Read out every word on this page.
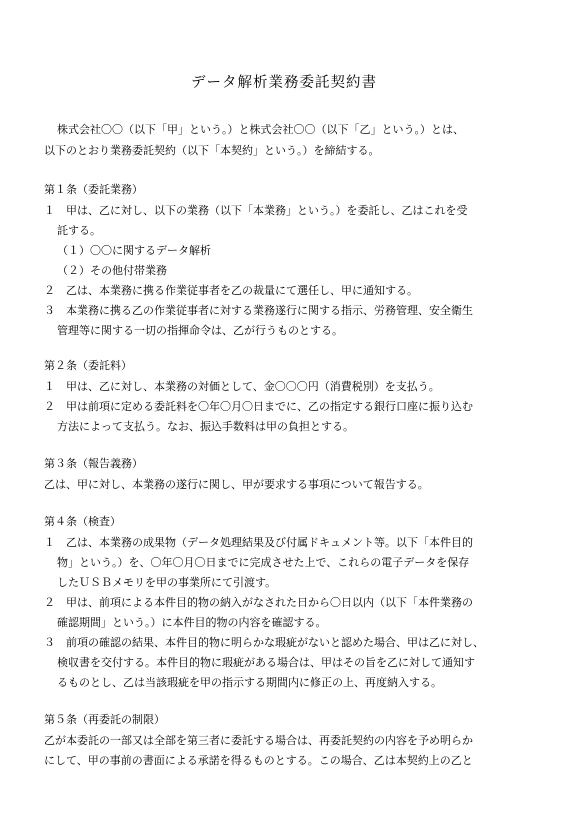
データ解析業務委託契約書
株式会社〇〇（以下「甲」という。）と株式会社〇〇（以下「乙」という。）とは、
以下のとおり業務委託契約（以下「本契約」という。）を締結する。
第１条（委託業務）
１　甲は、乙に対し、以下の業務（以下「本業務」という。）を委託し、乙はこれを受
託する。
（１）〇〇に関するデータ解析
（２）その他付帯業務
２　乙は、本業務に携る作業従事者を乙の裁量にて選任し、甲に通知する。
３　本業務に携る乙の作業従事者に対する業務遂行に関する指示、労務管理、安全衛生
管理等に関する一切の指揮命令は、乙が行うものとする。
第２条（委託料）
１　甲は、乙に対し、本業務の対価として、金〇〇〇円（消費税別）を支払う。
２　甲は前項に定める委託料を〇年〇月〇日までに、乙の指定する銀行口座に振り込む
方法によって支払う。なお、振込手数料は甲の負担とする。
第３条（報告義務）
乙は、甲に対し、本業務の遂行に関し、甲が要求する事項について報告する。
第４条（検査）
１　乙は、本業務の成果物（データ処理結果及び付属ドキュメント等。以下「本件目的
物」という。）を、〇年〇月〇日までに完成させた上で、これらの電子データを保存
したＵＳＢメモリを甲の事業所にて引渡す。
２　甲は、前項による本件目的物の納入がなされた日から〇日以内（以下「本件業務の
確認期間」という。）に本件目的物の内容を確認する。
３　前項の確認の結果、本件目的物に明らかな瑕疵がないと認めた場合、甲は乙に対し、
検収書を交付する。本件目的物に瑕疵がある場合は、甲はその旨を乙に対して通知す
るものとし、乙は当該瑕疵を甲の指示する期間内に修正の上、再度納入する。
第５条（再委託の制限）
乙が本委託の一部又は全部を第三者に委託する場合は、再委託契約の内容を予め明らか
にして、甲の事前の書面による承諾を得るものとする。この場合、乙は本契約上の乙と
